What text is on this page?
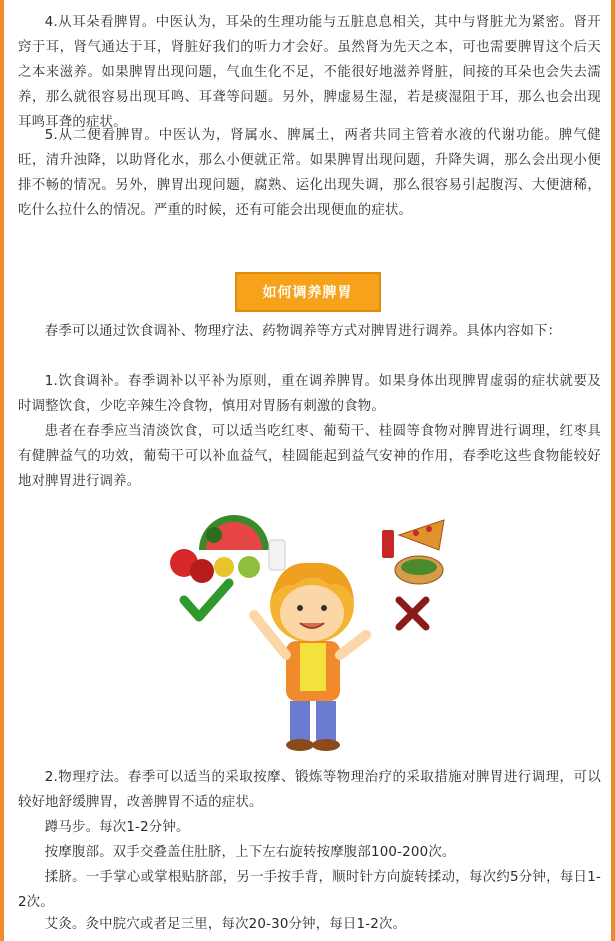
4.从耳朵看脾胃。中医认为，耳朵的生理功能与五脏息息相关，其中与肾脏尤为紧密。肾开窍于耳，肾气通达于耳，肾脏好我们的听力才会好。虽然肾为先天之本，可也需要脾胃这个后天之本来滋养。如果脾胃出现问题，气血生化不足，不能很好地滋养肾脏，间接的耳朵也会失去濡养，那么就很容易出现耳鸣、耳聋等问题。另外，脾虚易生湿，若是痰湿阻于耳，那么也会出现耳鸣耳聋的症状。

5.从二便看脾胃。中医认为，肾属水、脾属土，两者共同主管着水液的代谢功能。脾气健旺，清升浊降，以助肾化水，那么小便就正常。如果脾胃出现问题，升降失调，那么会出现小便排不畅的情况。另外，脾胃出现问题，腐熟、运化出现失调，那么很容易引起腹泻、大便溏稀，吃什么拉什么的情况。严重的时候，还有可能会出现便血的症状。

如何调养脾胃

春季可以通过饮食调补、物理疗法、药物调养等方式对脾胃进行调养。具体内容如下：

1.饮食调补。春季调补以平补为原则，重在调养脾胃。如果身体出现脾胃虚弱的症状就要及时调整饮食，少吃辛辣生冷食物，慎用对胃肠有刺激的食物。

患者在春季应当清淡饮食，可以适当吃红枣、葡萄干、桂圆等食物对脾胃进行调理，红枣具有健脾益气的功效，葡萄干可以补血益气，桂圆能起到益气安神的作用，春季吃这些食物能较好地对脾胃进行调养。

2.物理疗法。春季可以适当的采取按摩、锻炼等物理治疗的采取措施对脾胃进行调理，可以较好地舒缓脾胃，改善脾胃不适的症状。

蹲马步。每次1-2分钟。

按摩腹部。双手交叠盖住肚脐，上下左右旋转按摩腹部100-200次。

揉脐。一手掌心或掌根贴脐部，另一手按手背，顺时针方向旋转揉动，每次约5分钟，每日1-2次。

艾灸。灸中脘穴或者足三里，每次20-30分钟，每日1-2次。
